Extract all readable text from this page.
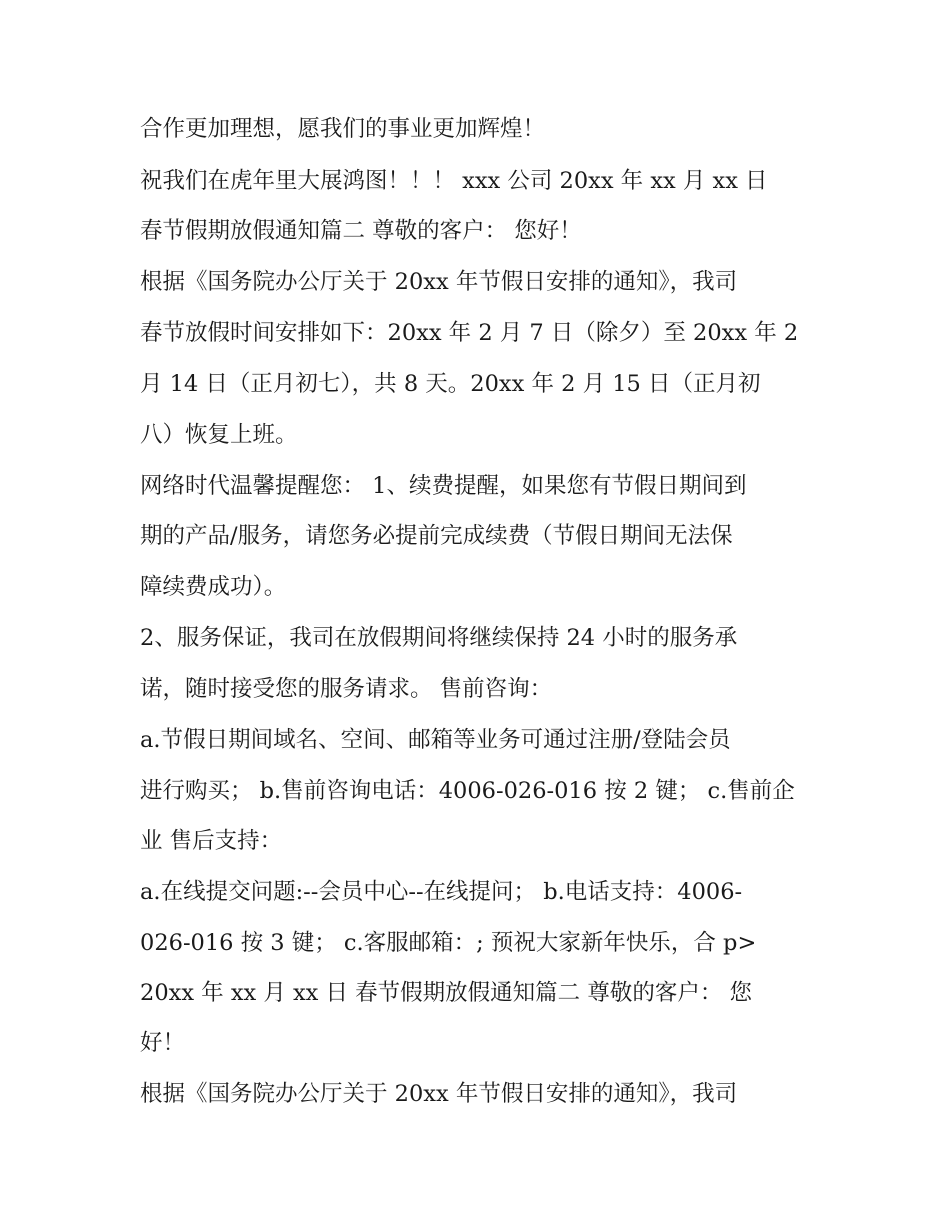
合作更加理想，愿我们的事业更加辉煌！
祝我们在虎年里大展鸿图！！！ xxx 公司 20xx 年 xx 月 xx 日
春节假期放假通知篇二 尊敬的客户： 您好！
根据《国务院办公厅关于 20xx 年节假日安排的通知》，我司
春节放假时间安排如下：20xx 年 2 月 7 日（除夕）至 20xx 年 2
月 14 日（正月初七），共 8 天。20xx 年 2 月 15 日（正月初
八）恢复上班。
网络时代温馨提醒您： 1、续费提醒，如果您有节假日期间到
期的产品/服务，请您务必提前完成续费（节假日期间无法保
障续费成功）。
2、服务保证，我司在放假期间将继续保持 24 小时的服务承
诺，随时接受您的服务请求。 售前咨询：
a.节假日期间域名、空间、邮箱等业务可通过注册/登陆会员
进行购买； b.售前咨询电话：4006-026-016 按 2 键； c.售前企
业 售后支持：
a.在线提交问题:--会员中心--在线提问； b.电话支持：4006-
026-016 按 3 键； c.客服邮箱：; 预祝大家新年快乐，合 p>
20xx 年 xx 月 xx 日 春节假期放假通知篇二 尊敬的客户： 您
好！
根据《国务院办公厅关于 20xx 年节假日安排的通知》，我司
